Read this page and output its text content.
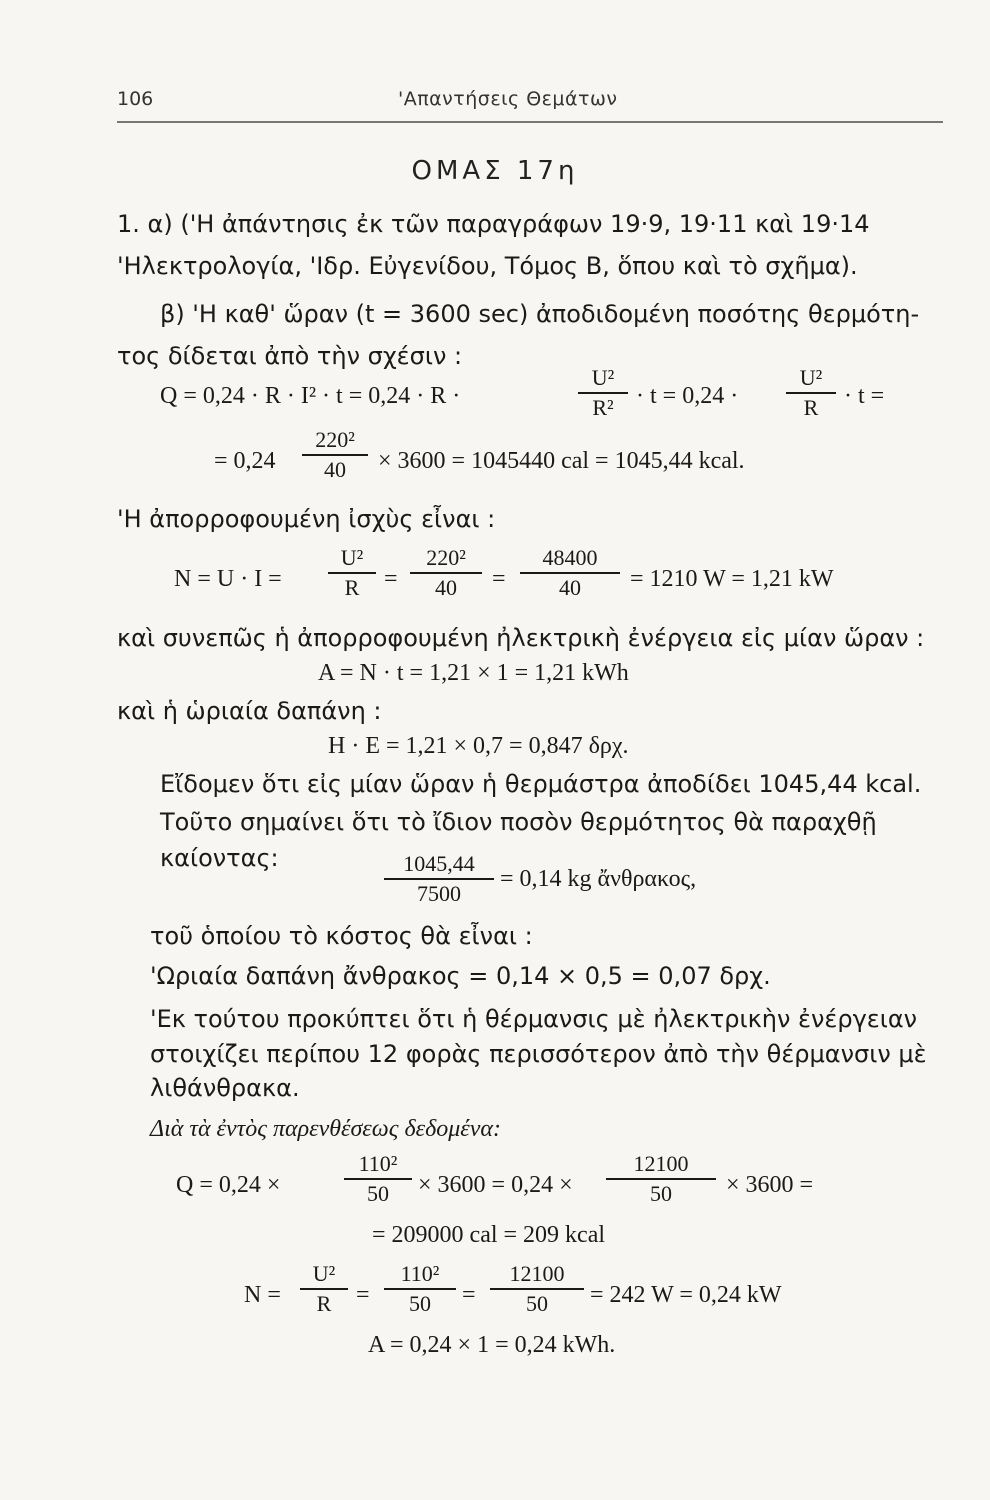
106	'Απαντήσεις Θεμάτων
ΟΜΑΣ 17η
1. α) ('Η ἀπάντησις ἐκ τῶν παραγράφων 19·9, 19·11 καὶ 19·14
'Ηλεκτρολογία, 'Ιδρ. Εὐγενίδου, Τόμος Β, ὅπου καὶ τὸ σχῆμα).
β) 'Η καθ' ὥραν (t = 3600 sec) ἀποδιδομένη ποσότης θερμότη-
τος δίδεται ἀπὸ τὴν σχέσιν :
Q = 0,24 · R · I² · t = 0,24 · R ·
U²
R² · t = 0,24 ·
U²
R	· t =
= 0,24
220²
40	× 3600 = 1045440 cal = 1045,44 kcal.
'Η ἀπορροφουμένη ἰσχὺς εἶναι :
N = U · I =
U²
R	=
220²
40	=
48400
40	= 1210 W = 1,21 kW
καὶ συνεπῶς ἡ ἀπορροφουμένη ἠλεκτρικὴ ἐνέργεια εἰς μίαν ὥραν :
A = N · t = 1,21 × 1 = 1,21 kWh
καὶ ἡ ὡριαία δαπάνη :
H · E = 1,21 × 0,7 = 0,847 δρχ.
Εἴδομεν ὅτι εἰς μίαν ὥραν ἡ θερμάστρα ἀποδίδει 1045,44 kcal.
Τοῦτο σημαίνει ὅτι τὸ ἴδιον ποσὸν θερμότητος θὰ παραχθῇ
καίοντας:	1045,44
7500
= 0,14 kg ἄνθρακος,
τοῦ ὁποίου τὸ κόστος θὰ εἶναι :
'Ωριαία δαπάνη ἄνθρακος = 0,14 × 0,5 = 0,07 δρχ.
'Εκ τούτου προκύπτει ὅτι ἡ θέρμανσις μὲ ἠλεκτρικὴν ἐνέργειαν
στοιχίζει περίπου 12 φορὰς περισσότερον ἀπὸ τὴν θέρμανσιν μὲ
λιθάνθρακα.
Διὰ τὰ ἐντὸς παρενθέσεως δεδομένα:
Q = 0,24 ×
110²
50	× 3600 = 0,24 ×
12100
50	× 3600 =
= 209000 cal = 209 kcal
N =
U²
R	=
110²
50	=
12100
50	= 242 W = 0,24 kW
A = 0,24 × 1 = 0,24 kWh.
